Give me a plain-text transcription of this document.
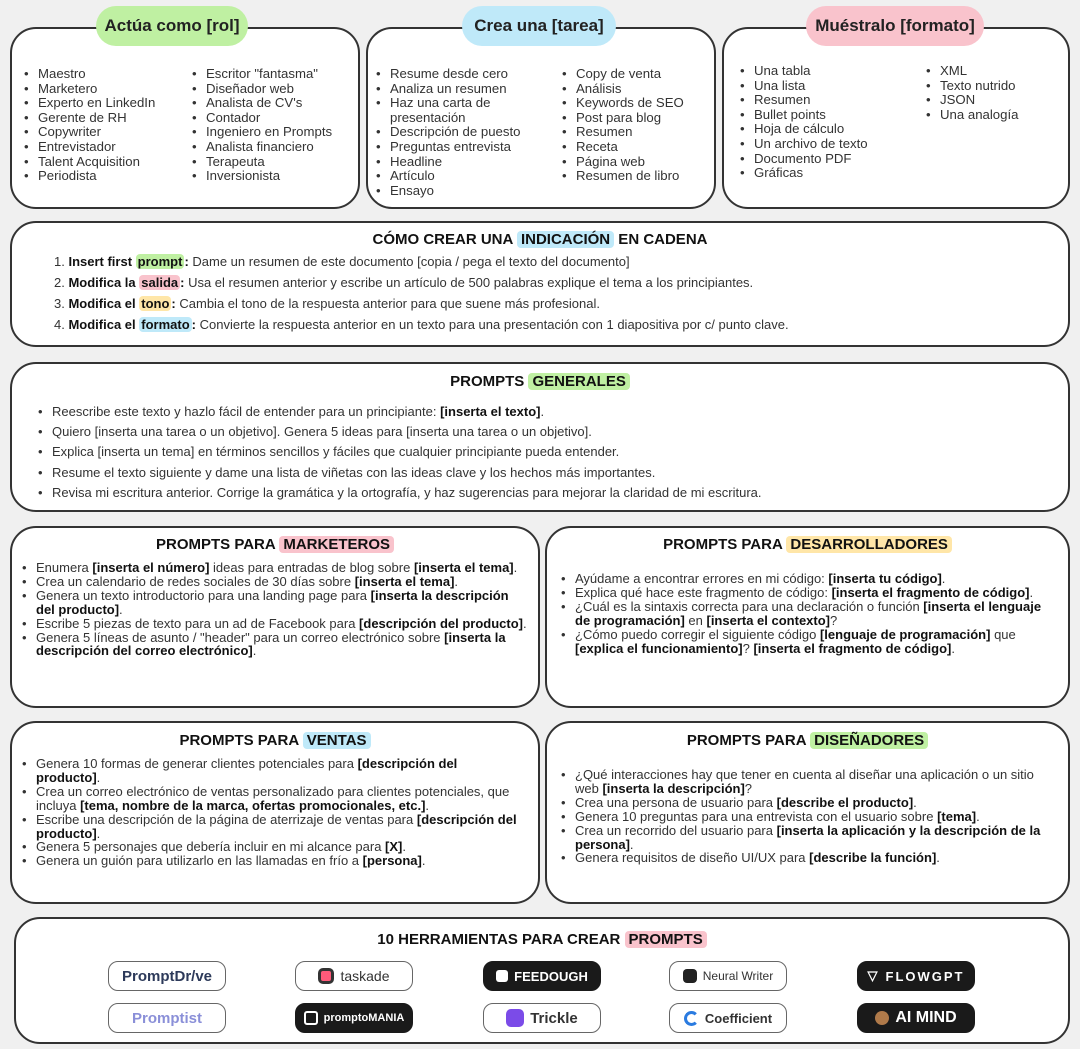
• Maestro
• Marketero
• Experto en LinkedIn
• Gerente de RH
• Copywriter
• Entrevistador
• Talent Acquisition
• Periodista
• Escritor "fantasma"
• Diseñador web
• Analista de CV's
• Contador
• Ingeniero en Prompts
• Analista financiero
• Terapeuta
• Inversionista
Actúa como [rol]
• Resume desde cero
• Analiza un resumen
• Haz una carta de presentación
• Descripción de puesto
• Preguntas entrevista
• Headline
• Artículo
• Ensayo
• Copy de venta
• Análisis
• Keywords de SEO
• Post para blog
• Resumen
• Receta
• Página web
• Resumen de libro
Crea una [tarea]
• Una tabla
• Una lista
• Resumen
• Bullet points
• Hoja de cálculo
• Un archivo de texto
• Documento PDF
• Gráficas
• XML
• Texto nutrido
• JSON
• Una analogía
Muéstralo [formato]
CÓMO CREAR UNA INDICACIÓN EN CADENA
1. Insert first prompt : Dame un resumen de este documento [copia / pega el texto del documento]
2. Modifica la salida : Usa el resumen anterior y escribe un artículo de 500 palabras explique el tema a los principiantes.
3. Modifica el tono : Cambia el tono de la respuesta anterior para que suene más profesional.
4. Modifica el formato : Convierte la respuesta anterior en un texto para una presentación con 1 diapositiva por c/ punto clave.
PROMPTS GENERALES
• Reescribe este texto y hazlo fácil de entender para un principiante: [inserta el texto].
• Quiero [inserta una tarea o un objetivo]. Genera 5 ideas para [inserta una tarea o un objetivo].
• Explica [inserta un tema] en términos sencillos y fáciles que cualquier principiante pueda entender.
• Resume el texto siguiente y dame una lista de viñetas con las ideas clave y los hechos más importantes.
• Revisa mi escritura anterior. Corrige la gramática y la ortografía, y haz sugerencias para mejorar la claridad de mi escritura.
PROMPTS PARA MARKETEROS
• Enumera [inserta el número] ideas para entradas de blog sobre [inserta el tema].
• Crea un calendario de redes sociales de 30 días sobre [inserta el tema].
• Genera un texto introductorio para una landing page para [inserta la descripción del producto].
• Escribe 5 piezas de texto para un ad de Facebook para [descripción del producto].
• Genera 5 líneas de asunto / "header" para un correo electrónico sobre [inserta la descripción del correo electrónico].
PROMPTS PARA DESARROLLADORES
• Ayúdame a encontrar errores en mi código: [inserta tu código].
• Explica qué hace este fragmento de código: [inserta el fragmento de código].
• ¿Cuál es la sintaxis correcta para una declaración o función [inserta el lenguaje de programación] en [inserta el contexto]?
• ¿Cómo puedo corregir el siguiente código [lenguaje de programación] que [explica el funcionamiento]? [inserta el fragmento de código].
PROMPTS PARA VENTAS
• Genera 10 formas de generar clientes potenciales para [descripción del producto].
• Crea un correo electrónico de ventas personalizado para clientes potenciales, que incluya [tema, nombre de la marca, ofertas promocionales, etc.].
• Escribe una descripción de la página de aterrizaje de ventas para [descripción del producto].
• Genera 5 personajes que debería incluir en mi alcance para [X].
• Genera un guión para utilizarlo en las llamadas en frío a [persona].
PROMPTS PARA DISEÑADORES
• ¿Qué interacciones hay que tener en cuenta al diseñar una aplicación o un sitio web [inserta la descripción]?
• Crea una persona de usuario para [describe el producto].
• Genera 10 preguntas para una entrevista con el usuario sobre [tema].
• Crea un recorrido del usuario para [inserta la aplicación y la descripción de la persona].
• Genera requisitos de diseño UI/UX para [describe la función].
10 HERRAMIENTAS PARA CREAR PROMPTS
PromptDr/ve	taskade	FEEDOUGH	Neural Writer	▽ FLOWGPT
Promptist	promptoMANIA	Trickle	Coefficient	AI MIND
